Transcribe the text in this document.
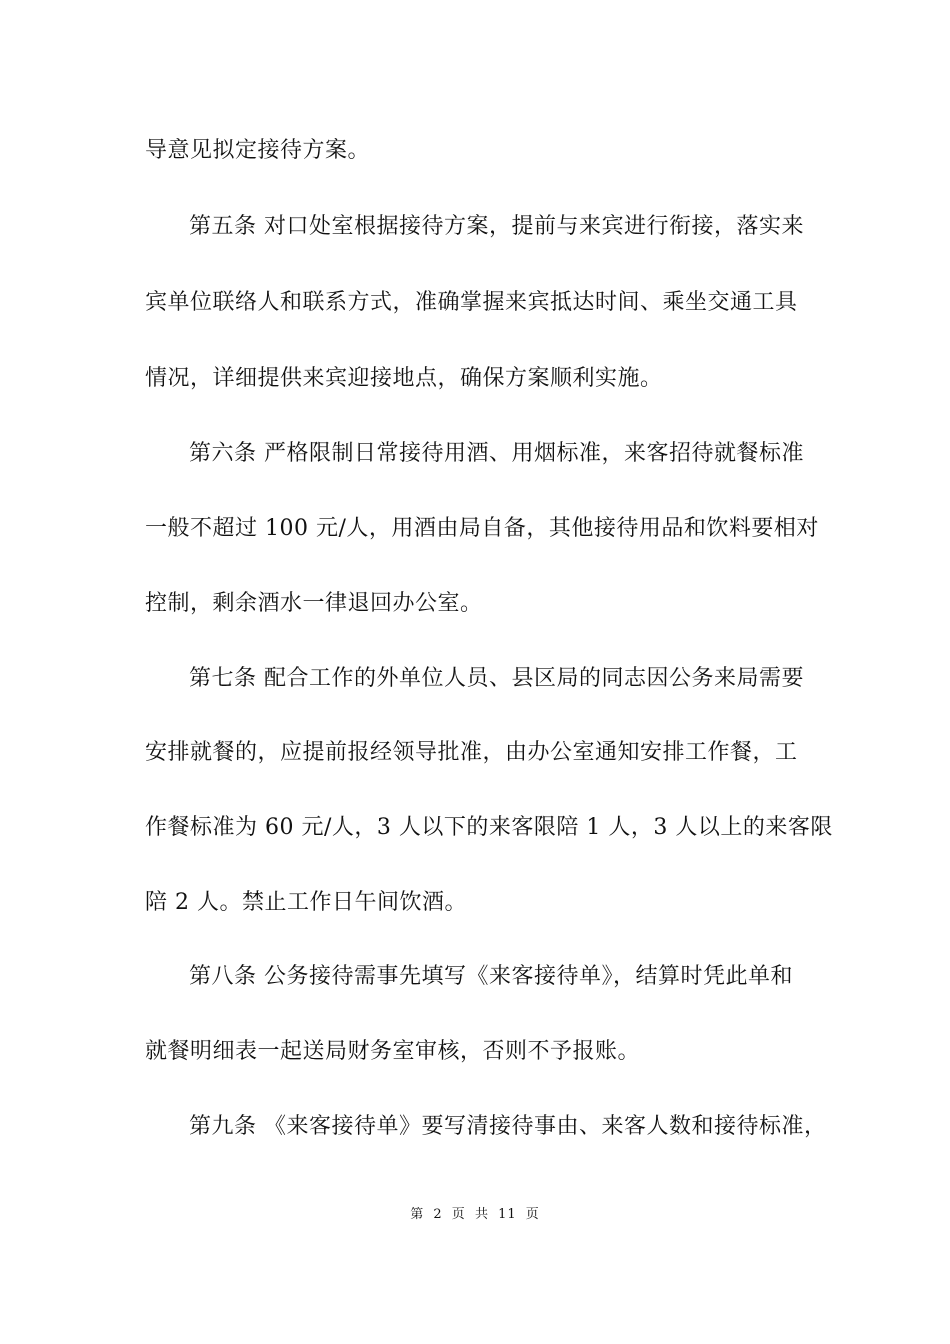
导意见拟定接待方案。
第五条 对口处室根据接待方案，提前与来宾进行衔接，落实来
宾单位联络人和联系方式，准确掌握来宾抵达时间、乘坐交通工具
情况，详细提供来宾迎接地点，确保方案顺利实施。
第六条 严格限制日常接待用酒、用烟标准，来客招待就餐标准
一般不超过 100 元/人，用酒由局自备，其他接待用品和饮料要相对
控制，剩余酒水一律退回办公室。
第七条 配合工作的外单位人员、县区局的同志因公务来局需要
安排就餐的，应提前报经领导批准，由办公室通知安排工作餐，工
作餐标准为 60 元/人，3 人以下的来客限陪 1 人，3 人以上的来客限
陪 2 人。禁止工作日午间饮酒。
第八条 公务接待需事先填写《来客接待单》，结算时凭此单和
就餐明细表一起送局财务室审核，否则不予报账。
第九条 《来客接待单》要写清接待事由、来客人数和接待标准，
第 2 页 共 11 页
